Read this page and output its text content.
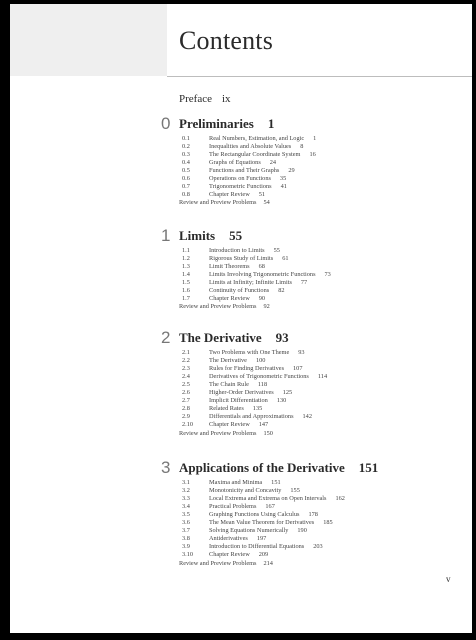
Contents
Preface ix
0 Preliminaries 1
0.1	Real Numbers, Estimation, and Logic 1
0.2	Inequalities and Absolute Values 8
0.3	The Rectangular Coordinate System 16
0.4	Graphs of Equations 24
0.5	Functions and Their Graphs 29
0.6	Operations on Functions 35
0.7	Trigonometric Functions 41
0.8	Chapter Review 51
Review and Preview Problems 54
1 Limits 55
1.1	Introduction to Limits 55
1.2	Rigorous Study of Limits 61
1.3	Limit Theorems 68
1.4	Limits Involving Trigonometric Functions 73
1.5	Limits at Infinity; Infinite Limits 77
1.6	Continuity of Functions 82
1.7	Chapter Review 90
Review and Preview Problems 92
2 The Derivative 93
2.1	Two Problems with One Theme 93
2.2	The Derivative 100
2.3	Rules for Finding Derivatives 107
2.4	Derivatives of Trigonometric Functions 114
2.5	The Chain Rule 118
2.6	Higher-Order Derivatives 125
2.7	Implicit Differentiation 130
2.8	Related Rates 135
2.9	Differentials and Approximations 142
2.10	Chapter Review 147
Review and Preview Problems 150
3 Applications of the Derivative 151
3.1	Maxima and Minima 151
3.2	Monotonicity and Concavity 155
3.3	Local Extrema and Extrema on Open Intervals 162
3.4	Practical Problems 167
3.5	Graphing Functions Using Calculus 178
3.6	The Mean Value Theorem for Derivatives 185
3.7	Solving Equations Numerically 190
3.8	Antiderivatives 197
3.9	Introduction to Differential Equations 203
3.10	Chapter Review 209
Review and Preview Problems 214
v
